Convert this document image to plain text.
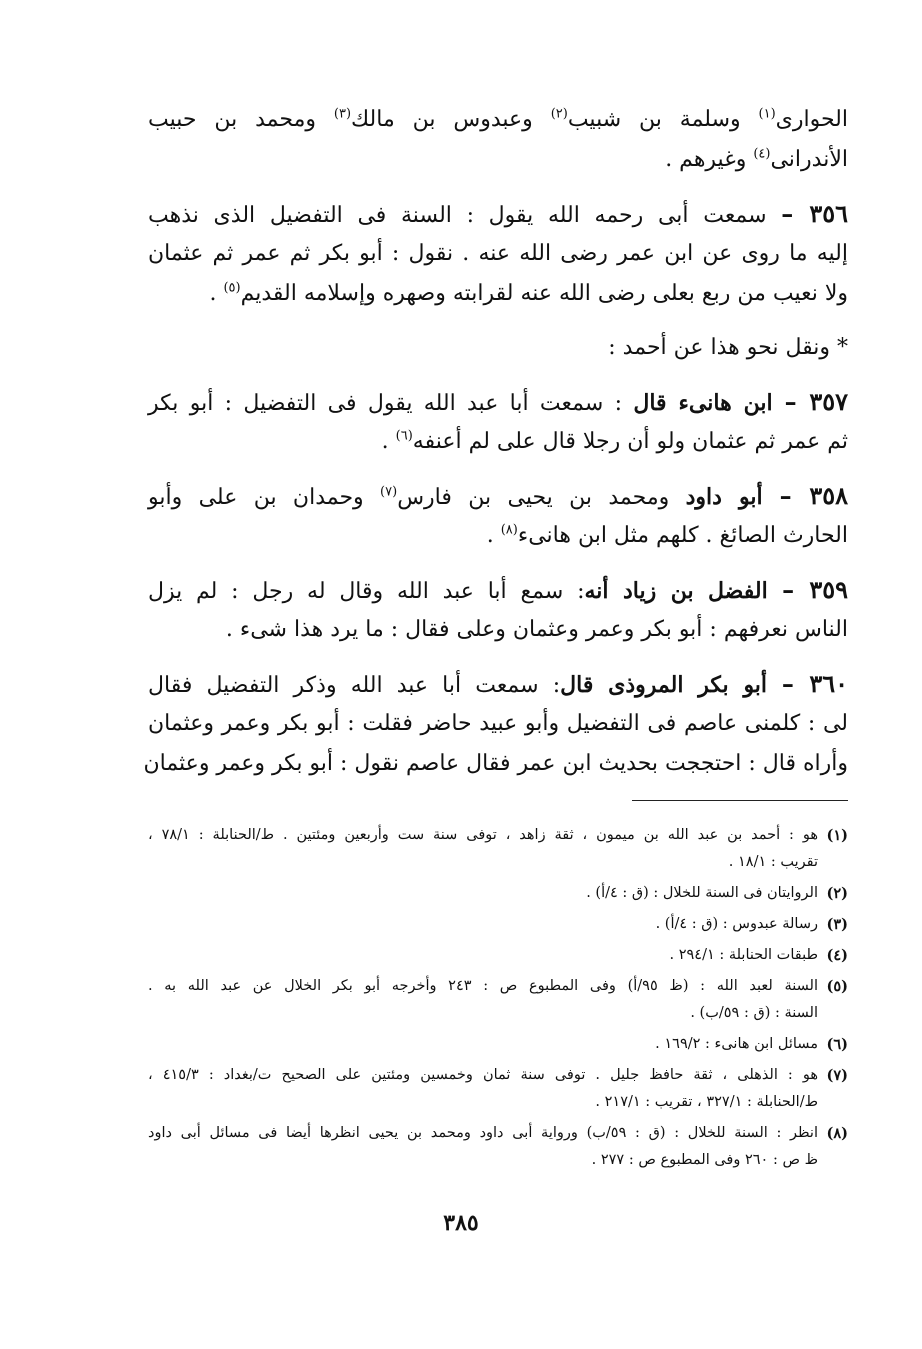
الحوارى$^{(١)}$ وسلمة بن شبيب$^{(٢)}$ وعبدوس بن مالك$^{(٣)}$ ومحمد بن حبيب
الأندرانى$^{(٤)}$ وغيرهم .
٣٥٦ – سمعت أبى رحمه الله يقول : السنة فى التفضيل الذى نذهب
إليه ما روى عن ابن عمر رضى الله عنه . نقول : أبو بكر ثم عمر ثم عثمان
ولا نعيب من ربع بعلى رضى الله عنه لقرابته وصهره وإسلامه القديم$^{(٥)}$ .
* ونقل نحو هذا عن أحمد :
٣٥٧ – ابن هانىء قال : سمعت أبا عبد الله يقول فى التفضيل : أبو بكر
ثم عمر ثم عثمان ولو أن رجلا قال على لم أعنفه$^{(٦)}$ .
٣٥٨ – أبو داود ومحمد بن يحيى بن فارس$^{(٧)}$ وحمدان بن على وأبو
الحارث الصائغ . كلهم مثل ابن هانىء$^{(٨)}$ .
٣٥٩ – الفضل بن زياد أنه: سمع أبا عبد الله وقال له رجل : لم يزل
الناس نعرفهم : أبو بكر وعمر وعثمان وعلى فقال : ما يرد هذا شىء .
٣٦٠ – أبو بكر المروذى قال: سمعت أبا عبد الله وذكر التفضيل فقال
لى : كلمنى عاصم فى التفضيل وأبو عبيد حاضر فقلت : أبو بكر وعمر وعثمان
وأراه قال : احتججت بحديث ابن عمر فقال عاصم نقول : أبو بكر وعمر وعثمان
(١)
هو : أحمد بن عبد الله بن ميمون ، ثقة زاهد ، توفى سنة ست وأربعين ومئتين . ط/الحنابلة : ٧٨/١ ،
تقريب : ١٨/١ .
(٢)
الروايتان فى السنة للخلال : (ق : ٤/أ) .
(٣)
رسالة عبدوس : (ق : ٤/أ) .
(٤)
طبقات الحنابلة : ٢٩٤/١ .
(٥)
السنة لعبد الله : (ظ ٩٥/أ) وفى المطبوع ص : ٢٤٣ وأخرجه أبو بكر الخلال عن عبد الله به .
السنة : (ق : ٥٩/ب) .
(٦)
مسائل ابن هانىء : ١٦٩/٢ .
(٧)
هو : الذهلى ، ثقة حافظ جليل . توفى سنة ثمان وخمسين ومئتين على الصحيح ت/بغداد : ٤١٥/٣ ،
ط/الحنابلة : ٣٢٧/١ ، تقريب : ٢١٧/١ .
(٨)
انظر : السنة للخلال : (ق : ٥٩/ب) ورواية أبى داود ومحمد بن يحيى انظرها أيضا فى مسائل أبى داود
ظ ص : ٢٦٠ وفى المطبوع ص : ٢٧٧ .
٣٨٥
